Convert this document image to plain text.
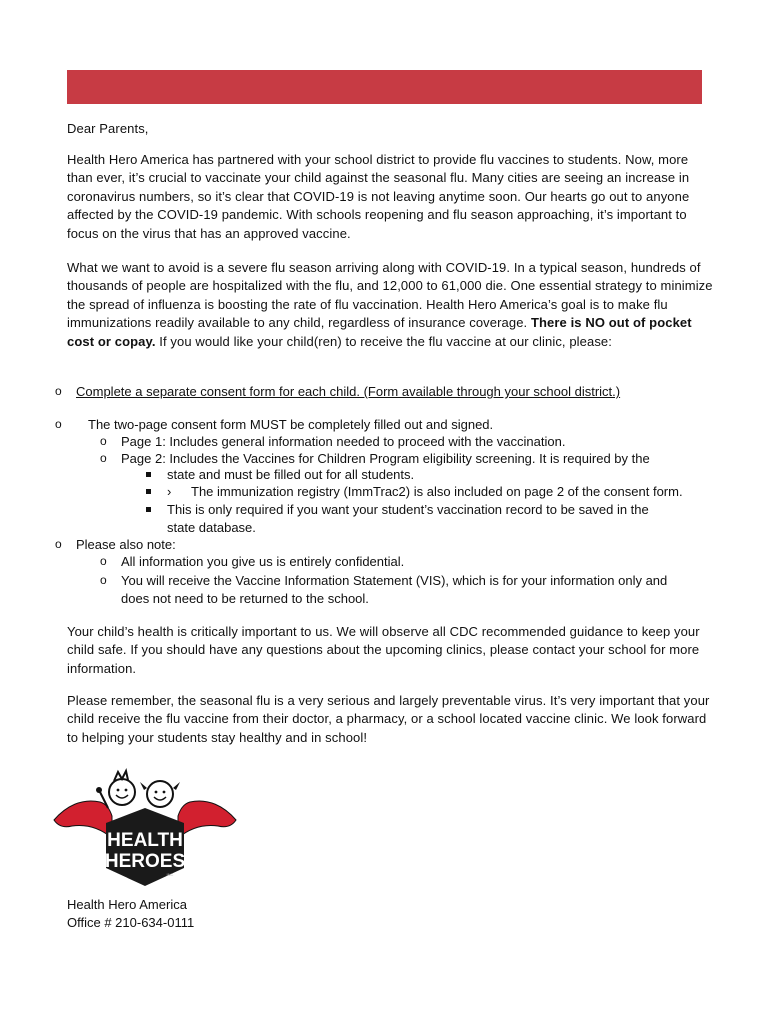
Dear Parents,
Health Hero America has partnered with your school district to provide flu vaccines to students. Now, more than ever, it’s crucial to vaccinate your child against the seasonal flu. Many cities are seeing an increase in coronavirus numbers, so it’s clear that COVID-19 is not leaving anytime soon. Our hearts go out to anyone affected by the COVID-19 pandemic. With schools reopening and flu season approaching, it’s important to focus on the virus that has an approved vaccine.
What we want to avoid is a severe flu season arriving along with COVID-19. In a typical season, hundreds of thousands of people are hospitalized with the flu, and 12,000 to 61,000 die. One essential strategy to minimize the spread of influenza is boosting the rate of flu vaccination. Health Hero America’s goal is to make flu immunizations readily available to any child, regardless of insurance coverage. There is NO out of pocket cost or copay. If you would like your child(ren) to receive the flu vaccine at our clinic, please:
o Complete a separate consent form for each child. (Form available through your school district.)
o The two-page consent form MUST be completely filled out and signed.
o Page 1: Includes general information needed to proceed with the vaccination.
o Page 2: Includes the Vaccines for Children Program eligibility screening. It is required by the
state and must be filled out for all students.
› The immunization registry (ImmTrac2) is also included on page 2 of the consent form.
This is only required if you want your student’s vaccination record to be saved in the
state database.
o Please also note:
o All information you give us is entirely confidential.
o You will receive the Vaccine Information Statement (VIS), which is for your information only and
does not need to be returned to the school.
Your child’s health is critically important to us. We will observe all CDC recommended guidance to keep your child safe. If you should have any questions about the upcoming clinics, please contact your school for more information.
Please remember, the seasonal flu is a very serious and largely preventable virus. It’s very important that your child receive the flu vaccine from their doctor, a pharmacy, or a school located vaccine clinic. We look forward to helping your students stay healthy and in school!
HEALTH
HEROES
INC
Health Hero America
Office # 210-634-0111
